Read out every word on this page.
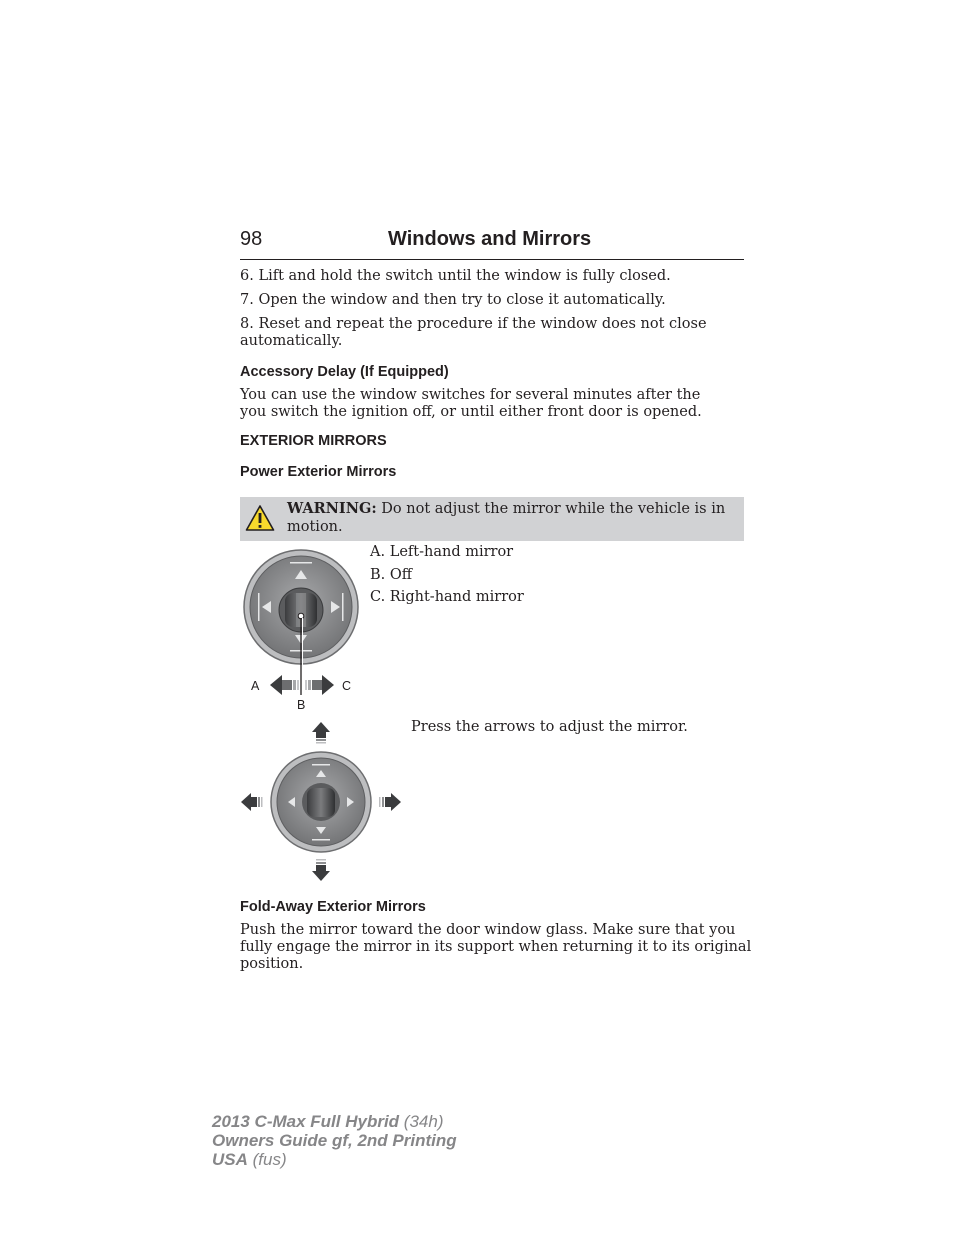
98	Windows and Mirrors

6. Lift and hold the switch until the window is fully closed.

7. Open the window and then try to close it automatically.

8. Reset and repeat the procedure if the window does not close automatically.

Accessory Delay (If Equipped)

You can use the window switches for several minutes after the you switch the ignition off, or until either front door is opened.

EXTERIOR MIRRORS
Power Exterior Mirrors
WARNING: Do not adjust the mirror while the vehicle is in motion.
A	C
B
A. Left-hand mirror
B. Off
C. Right-hand mirror
Press the arrows to adjust the mirror.
Fold-Away Exterior Mirrors

Push the mirror toward the door window glass. Make sure that you fully engage the mirror in its support when returning it to its original position.

2013 C-Max Full Hybrid (34h)
Owners Guide gf, 2nd Printing
USA (fus)
